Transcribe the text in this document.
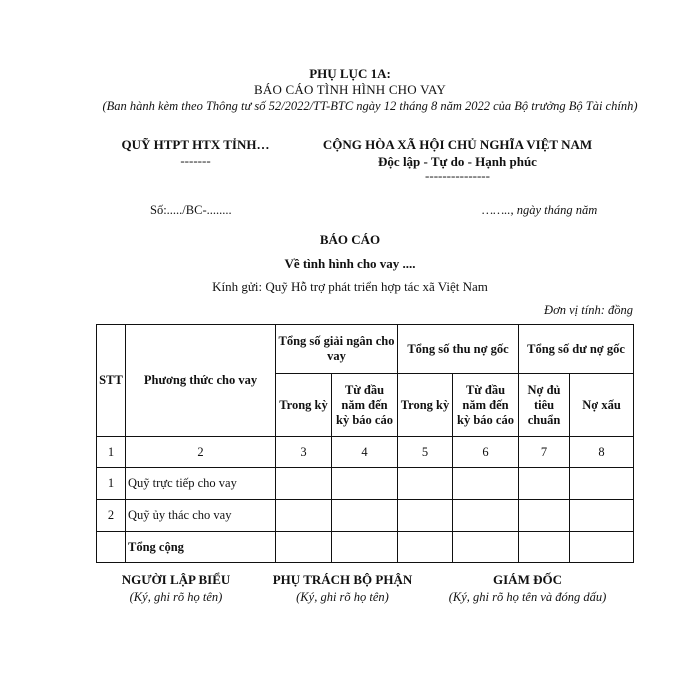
PHỤ LỤC 1A:
BÁO CÁO TÌNH HÌNH CHO VAY
(Ban hành kèm theo Thông tư số 52/2022/TT-BTC ngày 12 tháng 8 năm 2022 của Bộ trưởng Bộ Tài chính)
QUỸ HTPT HTX TỈNH…
-------
CỘNG HÒA XÃ HỘI CHỦ NGHĨA VIỆT NAM
Độc lập - Tự do - Hạnh phúc
---------------
Số:...../BC-........	…….., ngày tháng năm
BÁO CÁO
Về tình hình cho vay ....
Kính gửi: Quỹ Hỗ trợ phát triển hợp tác xã Việt Nam
Đơn vị tính: đồng
STT	Phương thức cho vay	Tổng số giải ngân cho vay		Tổng số thu nợ gốc		Tổng số dư nợ gốc	
		Trong kỳ	Từ đầu năm đến kỳ báo cáo	Trong kỳ	Từ đầu năm đến kỳ báo cáo	Nợ đủ tiêu chuẩn	Nợ xấu
1	2	3	4	5	6	7	8
1	Quỹ trực tiếp cho vay						
2	Quỹ ủy thác cho vay						
	Tổng cộng						
NGƯỜI LẬP BIỂU
(Ký, ghi rõ họ tên)
PHỤ TRÁCH BỘ PHẬN
(Ký, ghi rõ họ tên)
GIÁM ĐỐC
(Ký, ghi rõ họ tên và đóng dấu)
